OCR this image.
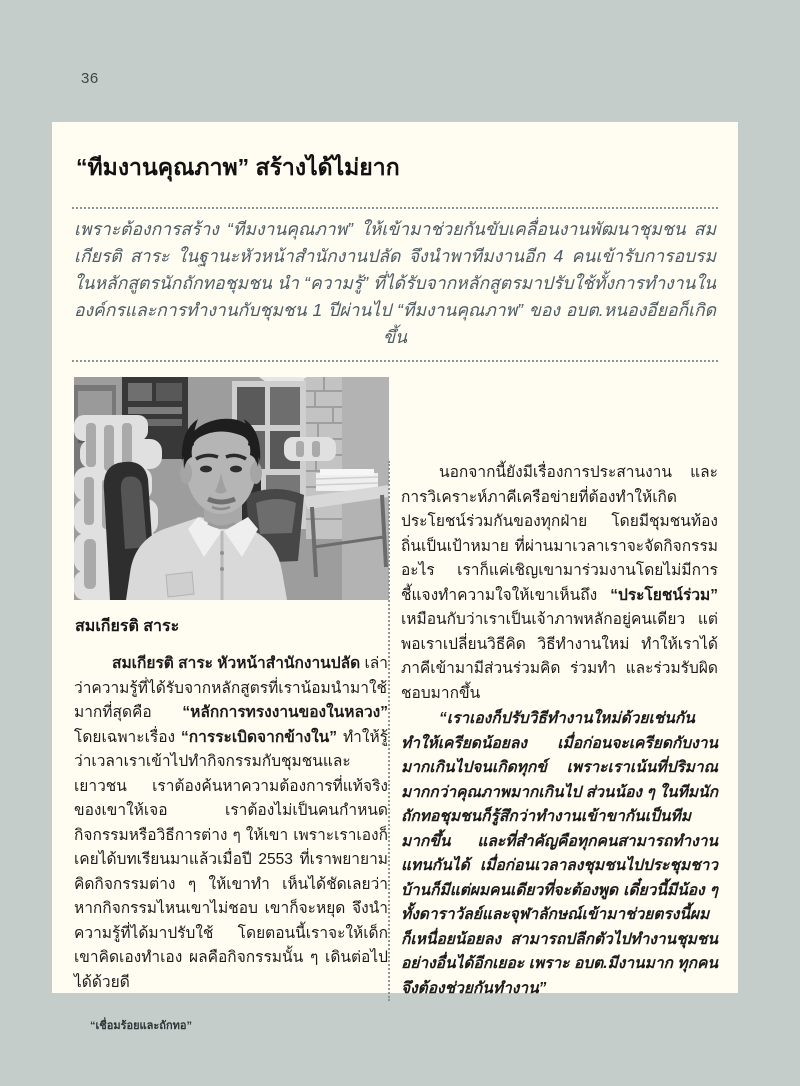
36
“ทีมงานคุณภาพ” สร้างได้ไม่ยาก

เพราะต้องการสร้าง “ทีมงานคุณภาพ” ให้เข้ามาช่วยกันขับเคลื่อนงานพัฒนาชุมชน สมเกียรติ สาระ ในฐานะหัวหน้าสำนักงานปลัด จึงนำพาทีมงานอีก 4 คนเข้ารับการอบรมในหลักสูตรนักถักทอชุมชน นำ “ความรู้” ที่ได้รับจากหลักสูตรมาปรับใช้ทั้งการทำงานในองค์กรและการทำงานกับชุมชน 1 ปีผ่านไป “ทีมงานคุณภาพ” ของ อบต.หนองอียอก็เกิดขึ้น

สมเกียรติ สาระ

สมเกียรติ สาระ หัวหน้าสำนักงานปลัด เล่าว่าความรู้ที่ได้รับจากหลักสูตรที่เราน้อมนำมาใช้มากที่สุดคือ “หลักการทรงงานของในหลวง” โดยเฉพาะเรื่อง “การระเบิดจากข้างใน” ทำให้รู้ว่าเวลาเราเข้าไปทำกิจกรรมกับชุมชนและเยาวชน เราต้องค้นหาความต้องการที่แท้จริงของเขาให้เจอ เราต้องไม่เป็นคนกำหนดกิจกรรมหรือวิธีการต่าง ๆ ให้เขา เพราะเราเองก็เคยได้บทเรียนมาแล้วเมื่อปี 2553 ที่เราพยายามคิดกิจกรรมต่าง ๆ ให้เขาทำ เห็นได้ชัดเลยว่าหากกิจกรรมไหนเขาไม่ชอบ เขาก็จะหยุด จึงนำความรู้ที่ได้มาปรับใช้ โดยตอนนี้เราจะให้เด็กเขาคิดเองทำเอง ผลคือกิจกรรมนั้น ๆ เดินต่อไปได้ด้วยดี

นอกจากนี้ยังมีเรื่องการประสานงาน และการวิเคราะห์ภาคีเครือข่ายที่ต้องทำให้เกิดประโยชน์ร่วมกันของทุกฝ่าย โดยมีชุมชนท้องถิ่นเป็นเป้าหมาย ที่ผ่านมาเวลาเราจะจัดกิจกรรมอะไร เราก็แค่เชิญเขามาร่วมงานโดยไม่มีการชี้แจงทำความใจให้เขาเห็นถึง “ประโยชน์ร่วม” เหมือนกับว่าเราเป็นเจ้าภาพหลักอยู่คนเดียว แต่พอเราเปลี่ยนวิธีคิด วิธีทำงานใหม่ ทำให้เราได้ภาคีเข้ามามีส่วนร่วมคิด ร่วมทำ และร่วมรับผิดชอบมากขึ้น

“เราเองก็ปรับวิธีทำงานใหม่ด้วยเช่นกัน ทำให้เครียดน้อยลง เมื่อก่อนจะเครียดกับงานมากเกินไปจนเกิดทุกข์ เพราะเราเน้นที่ปริมาณมากกว่าคุณภาพมากเกินไป ส่วนน้อง ๆ ในทีมนักถักทอชุมชนก็รู้สึกว่าทำงานเข้าขากันเป็นทีมมากขึ้น และที่สำคัญคือทุกคนสามารถทำงานแทนกันได้ เมื่อก่อนเวลาลงชุมชนไปประชุมชาวบ้านก็มีแต่ผมคนเดียวที่จะต้องพูด เดี๋ยวนี้มีน้อง ๆ ทั้งดาราวัลย์และจุฬาลักษณ์เข้ามาช่วยตรงนี้ผมก็เหนื่อยน้อยลง สามารถปลีกตัวไปทำงานชุมชนอย่างอื่นได้อีกเยอะ เพราะ อบต.มีงานมาก ทุกคนจึงต้องช่วยกันทำงาน”

“เชื่อมร้อยและถักทอ”
